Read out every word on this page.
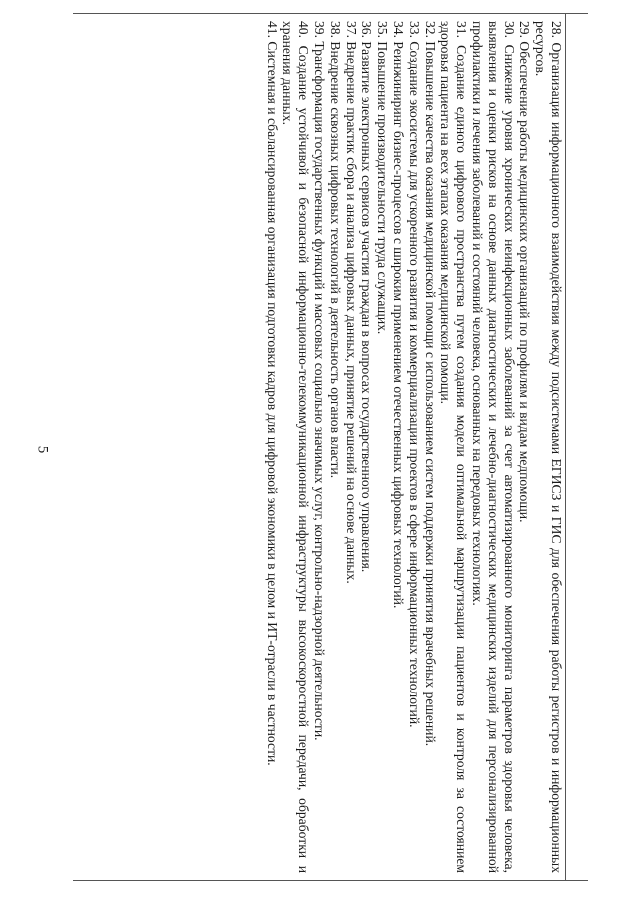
5	28. Организация информационного взаимодействия между подсистемами ЕГИСЗ и ГИС для обеспечения работы регистров и информационных ресурсов.

29. Обеспечение работы медицинских организаций по профилям и видам медпомощи.

30. Снижение уровня хронических неинфекционных заболеваний за счет автоматизированного мониторинга параметров здоровья человека, выявления и оценки рисков на основе данных диагностических и лечебно-диагностических медицинских изделий для персонализированной профилактики и лечения заболеваний и состояний человека, основанных на передовых технологиях.

31. Создание единого цифрового пространства путем создания модели оптимальной маршрутизации пациентов и контроля за состоянием здоровья пациента на всех этапах оказания медицинской помощи.

32. Повышение качества оказания медицинской помощи с использованием систем поддержки принятия врачебных решений.

33. Создание экосистемы для ускоренного развития и коммерциализации проектов в сфере информационных технологий.

34. Реинжиниринг бизнес-процессов с широким применением отечественных цифровых технологий.

35. Повышение производительности труда служащих.

36. Развитие электронных сервисов участия граждан в вопросах государственного управления.

37. Внедрение практик сбора и анализа цифровых данных, принятие решений на основе данных.

38. Внедрение сквозных цифровых технологий в деятельность органов власти.

39. Трансформация государственных функций и массовых социально значимых услуг, контрольно-надзорной деятельности.

40. Создание устойчивой и безопасной информационно-телекоммуникационной инфраструктуры высокоскоростной передачи, обработки и хранения данных.

41. Системная и сбалансированная организация подготовки кадров для цифровой экономики в целом и ИТ-отрасли в частности.
